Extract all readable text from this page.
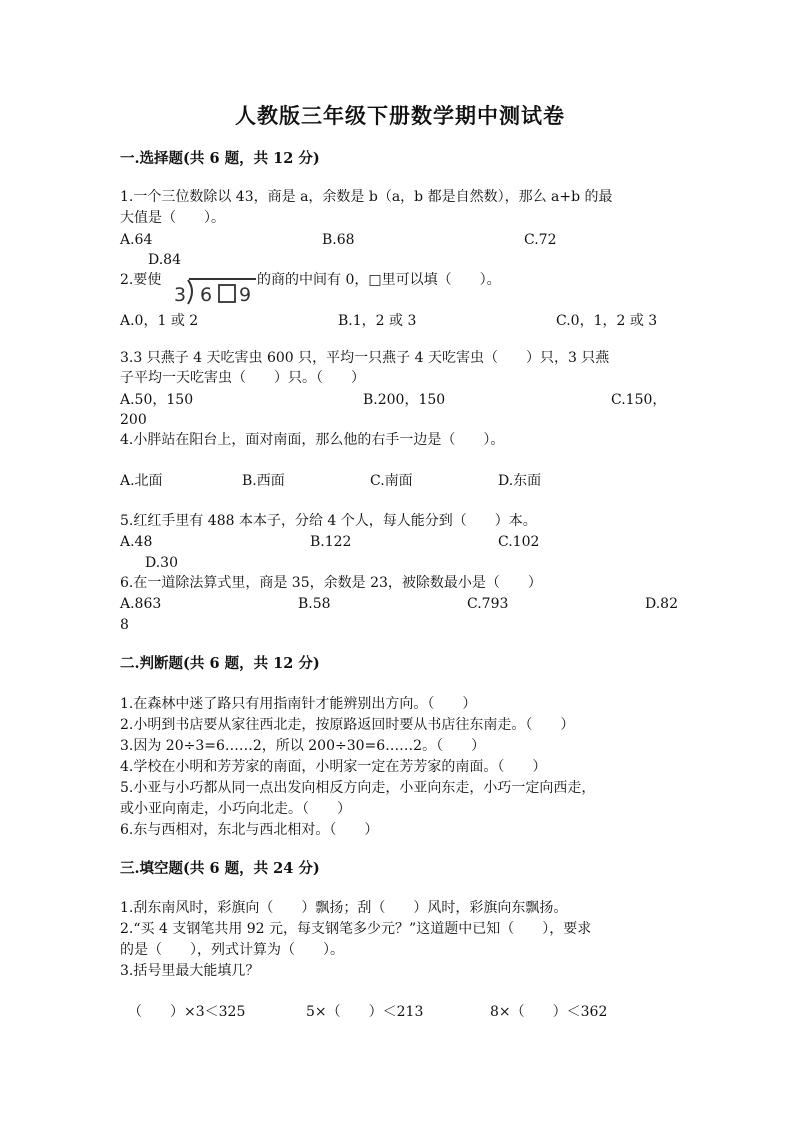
人教版三年级下册数学期中测试卷
一.选择题(共 6 题，共 12 分)
1.一个三位数除以 43，商是 a，余数是 b（a，b 都是自然数），那么 a+b 的最
大值是（　　）。
A.64	B.68	C.72
D.84
2.要使
3 6 9
的商的中间有 0，□里可以填（　　）。
A.0，1 或 2	B.1，2 或 3	C.0，1，2 或 3
3.3 只燕子 4 天吃害虫 600 只，平均一只燕子 4 天吃害虫（　　）只，3 只燕
子平均一天吃害虫（　　）只。（　　）
A.50，150	B.200，150	C.150，
200
4.小胖站在阳台上，面对南面，那么他的右手一边是（　　）。
A.北面	B.西面	C.南面	D.东面
5.红红手里有 488 本本子，分给 4 个人，每人能分到（　　）本。
A.48	B.122	C.102
D.30
6.在一道除法算式里，商是 35，余数是 23，被除数最小是（　　）
A.863	B.58	C.793	D.82
8
二.判断题(共 6 题，共 12 分)
1.在森林中迷了路只有用指南针才能辨别出方向。（　　）
2.小明到书店要从家往西北走，按原路返回时要从书店往东南走。（　　）
3.因为 20÷3=6……2，所以 200÷30=6……2。（　　）
4.学校在小明和芳芳家的南面，小明家一定在芳芳家的南面。（　　）
5.小亚与小巧都从同一点出发向相反方向走，小亚向东走，小巧一定向西走，
或小亚向南走，小巧向北走。（　　）
6.东与西相对，东北与西北相对。（　　）
三.填空题(共 6 题，共 24 分)
1.刮东南风时，彩旗向（　　）飘扬；刮（　　）风时，彩旗向东飘扬。
2.“买 4 支钢笔共用 92 元，每支钢笔多少元？”这道题中已知（　　），要求
的是（　　），列式计算为（　　）。
3.括号里最大能填几？
（　　）×3＜325	5×（　　）＜213	8×（　　）＜362
